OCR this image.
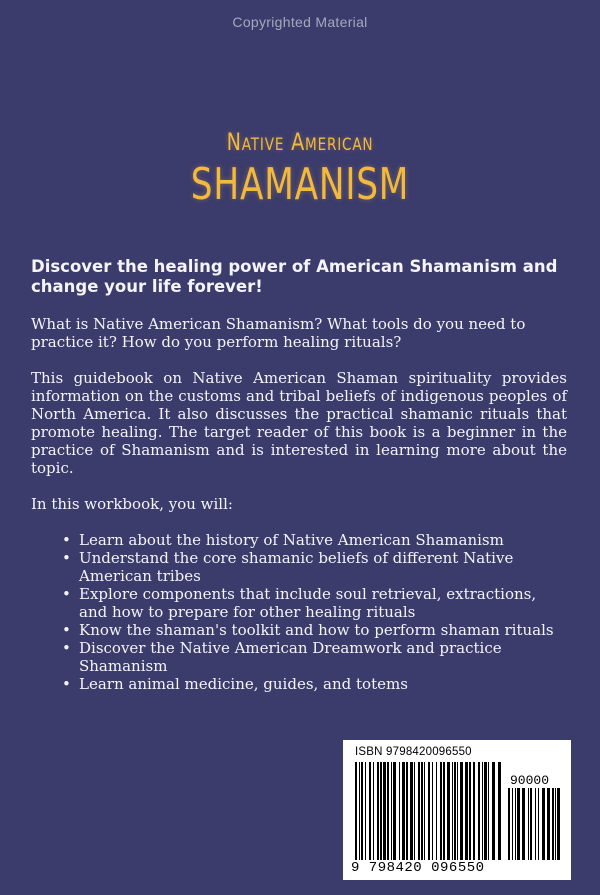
Copyrighted Material
Native American
SHAMANISM

Discover the healing power of American Shamanism and change your life forever!

What is Native American Shamanism? What tools do you need to practice it? How do you perform healing rituals?

This guidebook on Native American Shaman spirituality provides information on the customs and tribal beliefs of indigenous peoples of North America. It also discusses the practical shamanic rituals that promote healing. The target reader of this book is a beginner in the practice of Shamanism and is interested in learning more about the topic.

In this workbook, you will:

• Learn about the history of Native American Shamanism
• Understand the core shamanic beliefs of different Native American tribes
• Explore components that include soul retrieval, extractions, and how to prepare for other healing rituals
• Know the shaman's toolkit and how to perform shaman rituals
• Discover the Native American Dreamwork and practice Shamanism
• Learn animal medicine, guides, and totems
ISBN 9798420096550
90000
9 798420 096550
